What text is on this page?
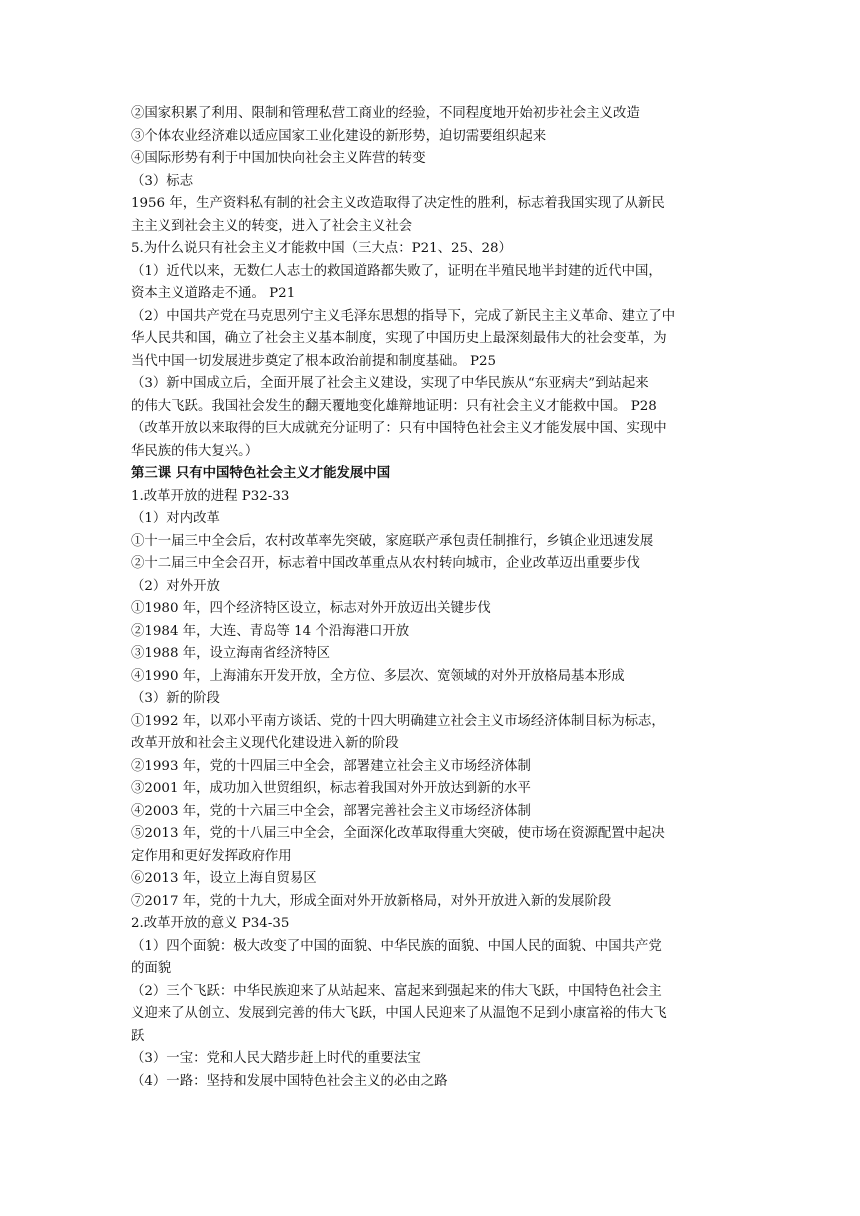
②国家积累了利用、限制和管理私营工商业的经验，不同程度地开始初步社会主义改造
③个体农业经济难以适应国家工业化建设的新形势，迫切需要组织起来
④国际形势有利于中国加快向社会主义阵营的转变
（3）标志
1956 年，生产资料私有制的社会主义改造取得了决定性的胜利，标志着我国实现了从新民
主主义到社会主义的转变，进入了社会主义社会
5.为什么说只有社会主义才能救中国（三大点：P21、25、28）
（1）近代以来，无数仁人志士的救国道路都失败了，证明在半殖民地半封建的近代中国，
资本主义道路走不通。 P21
（2）中国共产党在马克思列宁主义毛泽东思想的指导下，完成了新民主主义革命、建立了中
华人民共和国，确立了社会主义基本制度，实现了中国历史上最深刻最伟大的社会变革，为
当代中国一切发展进步奠定了根本政治前提和制度基础。 P25
（3）新中国成立后，全面开展了社会主义建设，实现了中华民族从“东亚病夫”到站起来
的伟大飞跃。我国社会发生的翻天覆地变化雄辩地证明：只有社会主义才能救中国。 P28
（改革开放以来取得的巨大成就充分证明了：只有中国特色社会主义才能发展中国、实现中
华民族的伟大复兴。）
第三课 只有中国特色社会主义才能发展中国
1.改革开放的进程 P32-33
（1）对内改革
①十一届三中全会后，农村改革率先突破，家庭联产承包责任制推行，乡镇企业迅速发展
②十二届三中全会召开，标志着中国改革重点从农村转向城市，企业改革迈出重要步伐
（2）对外开放
①1980 年，四个经济特区设立，标志对外开放迈出关键步伐
②1984 年，大连、青岛等 14 个沿海港口开放
③1988 年，设立海南省经济特区
④1990 年，上海浦东开发开放，全方位、多层次、宽领域的对外开放格局基本形成
（3）新的阶段
①1992 年，以邓小平南方谈话、党的十四大明确建立社会主义市场经济体制目标为标志，
改革开放和社会主义现代化建设进入新的阶段
②1993 年，党的十四届三中全会，部署建立社会主义市场经济体制
③2001 年，成功加入世贸组织，标志着我国对外开放达到新的水平
④2003 年，党的十六届三中全会，部署完善社会主义市场经济体制
⑤2013 年，党的十八届三中全会，全面深化改革取得重大突破，使市场在资源配置中起决
定作用和更好发挥政府作用
⑥2013 年，设立上海自贸易区
⑦2017 年，党的十九大，形成全面对外开放新格局，对外开放进入新的发展阶段
2.改革开放的意义 P34-35
（1）四个面貌：极大改变了中国的面貌、中华民族的面貌、中国人民的面貌、中国共产党
的面貌
（2）三个飞跃：中华民族迎来了从站起来、富起来到强起来的伟大飞跃，中国特色社会主
义迎来了从创立、发展到完善的伟大飞跃，中国人民迎来了从温饱不足到小康富裕的伟大飞
跃
（3）一宝：党和人民大踏步赶上时代的重要法宝
（4）一路：坚持和发展中国特色社会主义的必由之路
